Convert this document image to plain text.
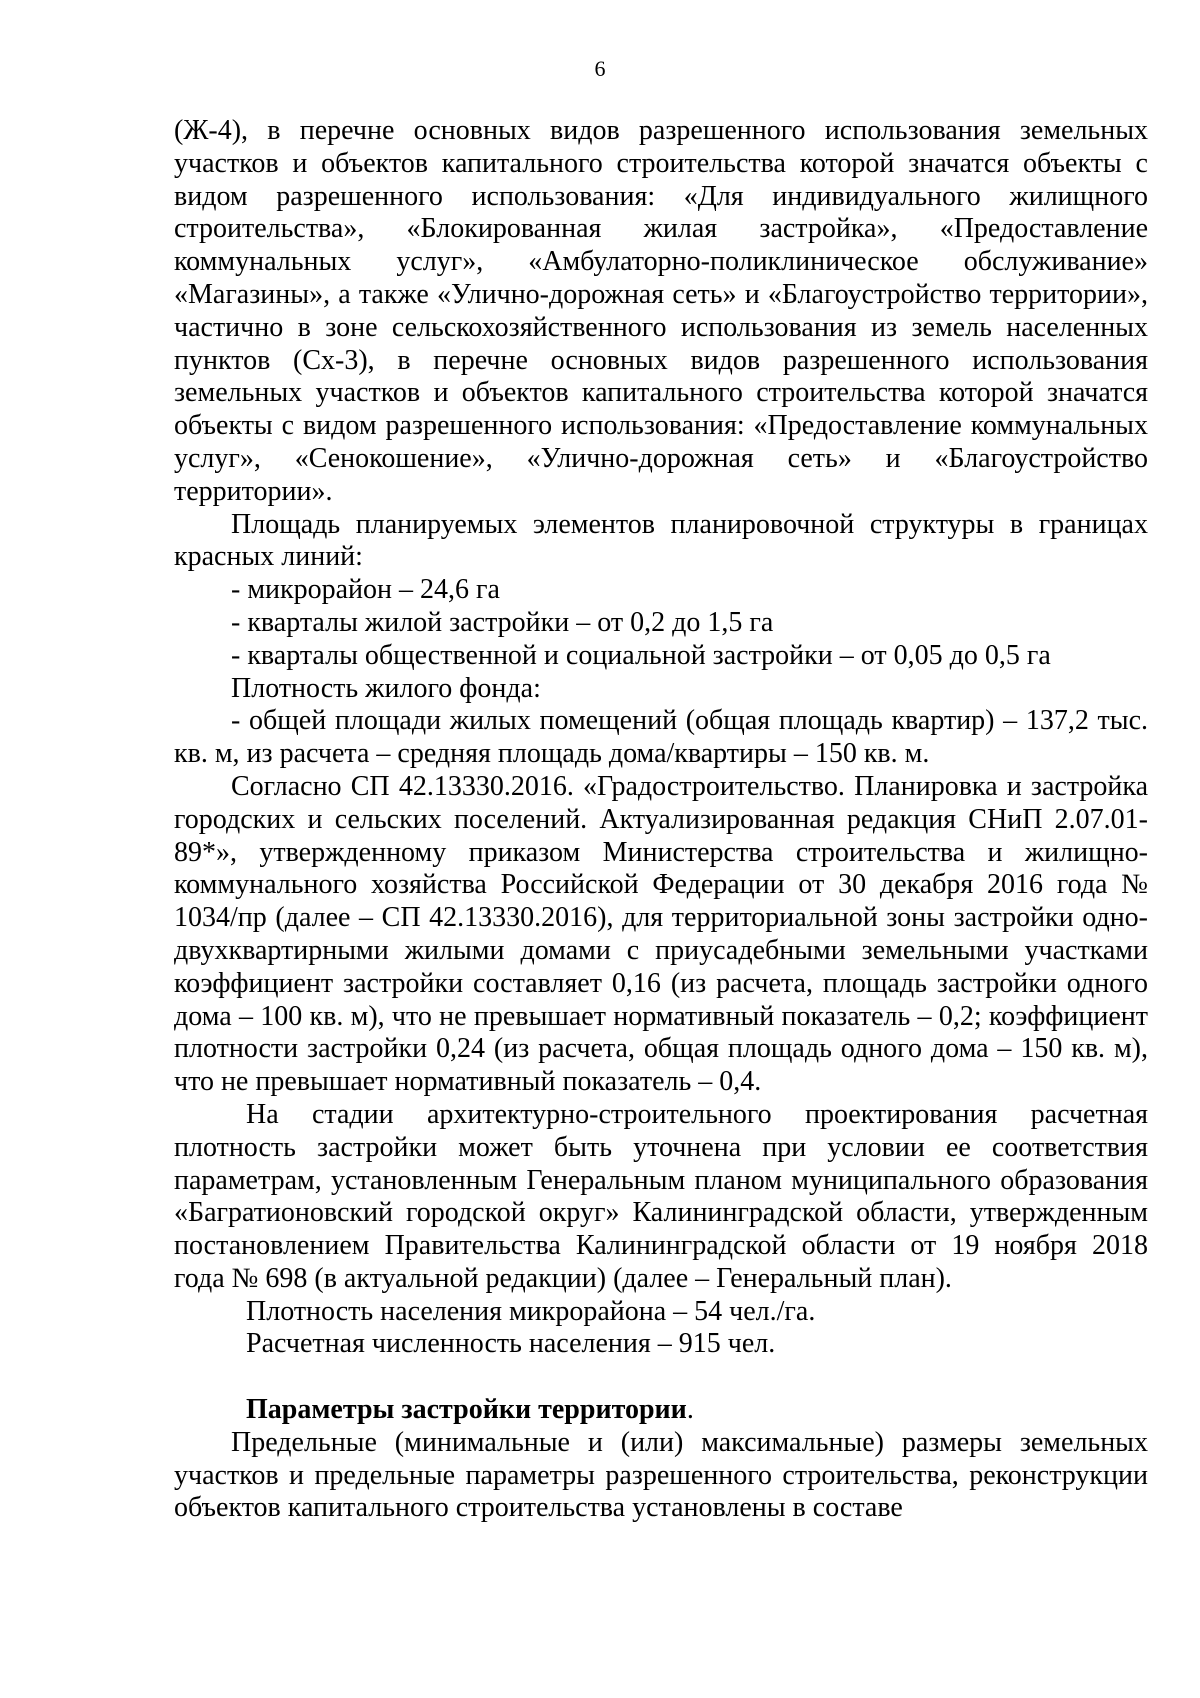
6

(Ж-4), в перечне основных видов разрешенного использования земельных участков и объектов капитального строительства которой значатся объекты с видом разрешенного использования: «Для индивидуального жилищного строительства», «Блокированная жилая застройка», «Предоставление коммунальных услуг», «Амбулаторно-поликлиническое обслуживание» «Магазины», а также «Улично-дорожная сеть» и «Благоустройство территории», частично в зоне сельскохозяйственного использования из земель населенных пунктов (Сх-3), в перечне основных видов разрешенного использования земельных участков и объектов капитального строительства которой значатся объекты с видом разрешенного использования: «Предоставление коммунальных услуг», «Сенокошение», «Улично-дорожная сеть» и «Благоустройство территории».

Площадь планируемых элементов планировочной структуры в границах красных линий:

- микрорайон – 24,6 га

- кварталы жилой застройки – от 0,2 до 1,5 га

- кварталы общественной и социальной застройки – от 0,05 до 0,5 га

Плотность жилого фонда:

- общей площади жилых помещений (общая площадь квартир) – 137,2 тыс. кв. м, из расчета – средняя площадь дома/квартиры – 150 кв. м.

Согласно СП 42.13330.2016. «Градостроительство. Планировка и застройка городских и сельских поселений. Актуализированная редакция СНиП 2.07.01-89*», утвержденному приказом Министерства строительства и жилищно-коммунального хозяйства Российской Федерации от 30 декабря 2016 года № 1034/пр (далее – СП 42.13330.2016), для территориальной зоны застройки одно-двухквартирными жилыми домами с приусадебными земельными участками коэффициент застройки составляет 0,16 (из расчета, площадь застройки одного дома – 100 кв. м), что не превышает нормативный показатель – 0,2; коэффициент плотности застройки 0,24 (из расчета, общая площадь одного дома – 150 кв. м), что не превышает нормативный показатель – 0,4.

На стадии архитектурно-строительного проектирования расчетная плотность застройки может быть уточнена при условии ее соответствия параметрам, установленным Генеральным планом муниципального образования «Багратионовский городской округ» Калининградской области, утвержденным постановлением Правительства Калининградской области от 19 ноября 2018 года № 698 (в актуальной редакции) (далее – Генеральный план).

Плотность населения микрорайона – 54 чел./га.

Расчетная численность населения – 915 чел.

Параметры застройки территории.

Предельные (минимальные и (или) максимальные) размеры земельных участков и предельные параметры разрешенного строительства, реконструкции объектов капитального строительства установлены в составе
